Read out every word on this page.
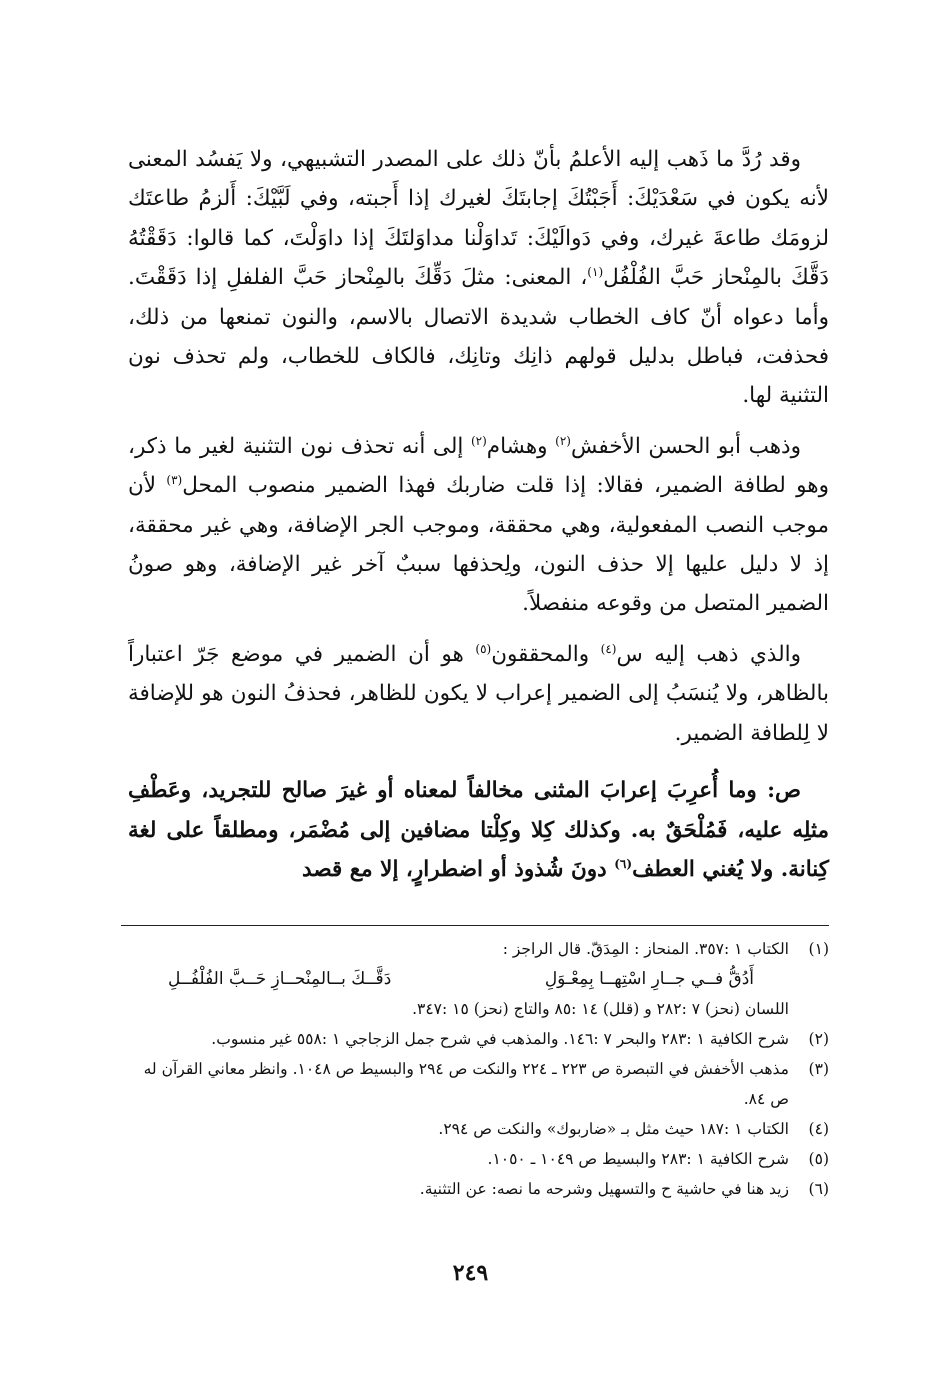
وقد رُدَّ ما ذَهب إليه الأعلمُ بأنّ ذلك على المصدر التشبيهي، ولا يَفسُد المعنى لأنه يكون في سَعْدَيْكَ: أَجَبْتُكَ إجابتَكَ لغيرك إذا أَجبته، وفي لَبَّيْكَ: أَلزمُ طاعتَك لزومَك طاعةَ غيرك، وفي دَوالَيْكَ: تَداوَلْنا مداوَلتَكَ إذا داوَلْتَ، كما قالوا: دَقَقْتُهُ دَقَّكَ بالمِنْحاز حَبَّ الفُلْفُل$^{(١)}$، المعنى: مثلَ دَقِّكَ بالمِنْحاز حَبَّ الفلفلِ إذا دَقَقْتَ. وأما دعواه أنّ كاف الخطاب شديدة الاتصال بالاسم، والنون تمنعها من ذلك، فحذفت، فباطل بدليل قولهم ذانِك وتانِك، فالكاف للخطاب، ولم تحذف نون التثنية لها.

وذهب أبو الحسن الأخفش$^{(٢)}$ وهشام$^{(٢)}$ إلى أنه تحذف نون التثنية لغير ما ذكر، وهو لطافة الضمير، فقالا: إذا قلت ضاربك فهذا الضمير منصوب المحل$^{(٣)}$ لأن موجب النصب المفعولية، وهي محققة، وموجب الجر الإضافة، وهي غير محققة، إذ لا دليل عليها إلا حذف النون، ولِحذفها سببٌ آخر غير الإضافة، وهو صونُ الضمير المتصل من وقوعه منفصلاً.

والذي ذهب إليه س$^{(٤)}$ والمحققون$^{(٥)}$ هو أن الضمير في موضع جَرّ اعتباراً بالظاهر، ولا يُنسَبُ إلى الضمير إعراب لا يكون للظاهر، فحذفُ النون هو للإضافة لا لِلطافة الضمير.

ص: وما أُعرِبَ إعرابَ المثنى مخالفاً لمعناه أو غيرَ صالح للتجريد، وعَطْفِ مثلِه عليه، فَمُلْحَقٌ به. وكذلك كِلا وكِلْتا مضافين إلى مُضْمَر، ومطلقاً على لغة كِنانة. ولا يُغني العطف$^{(٦)}$ دونَ شُذوذ أو اضطرارٍ، إلا مع قصد

(١)

الكتاب ١ :٣٥٧. المنحاز : المِدَقّ. قال الراجز :

أَدُقُّ فــي جــارِ اسْتِهــا بِمِعْـوَلِ
دَقَّــكَ بــالمِنْحــازِ حَــبَّ الفُلْفُــلِ

اللسان (نحز) ٧ :٢٨٢ و (قلل) ١٤ :٨٥ والتاج (نحز) ١٥ :٣٤٧.

(٢)

شرح الكافية ١ :٢٨٣ والبحر ٧ :١٤٦. والمذهب في شرح جمل الزجاجي ١ :٥٥٨ غير منسوب.

(٣)

مذهب الأخفش في التبصرة ص ٢٢٣ ـ ٢٢٤ والنكت ص ٢٩٤ والبسيط ص ١٠٤٨. وانظر معاني القرآن له ص ٨٤.

(٤)

الكتاب ١ :١٨٧ حيث مثل بـ «ضاربوك» والنكت ص ٢٩٤.

(٥)

شرح الكافية ١ :٢٨٣ والبسيط ص ١٠٤٩ ـ ١٠٥٠.

(٦)

زيد هنا في حاشية ح والتسهيل وشرحه ما نصه: عن التثنية.

٢٤٩
